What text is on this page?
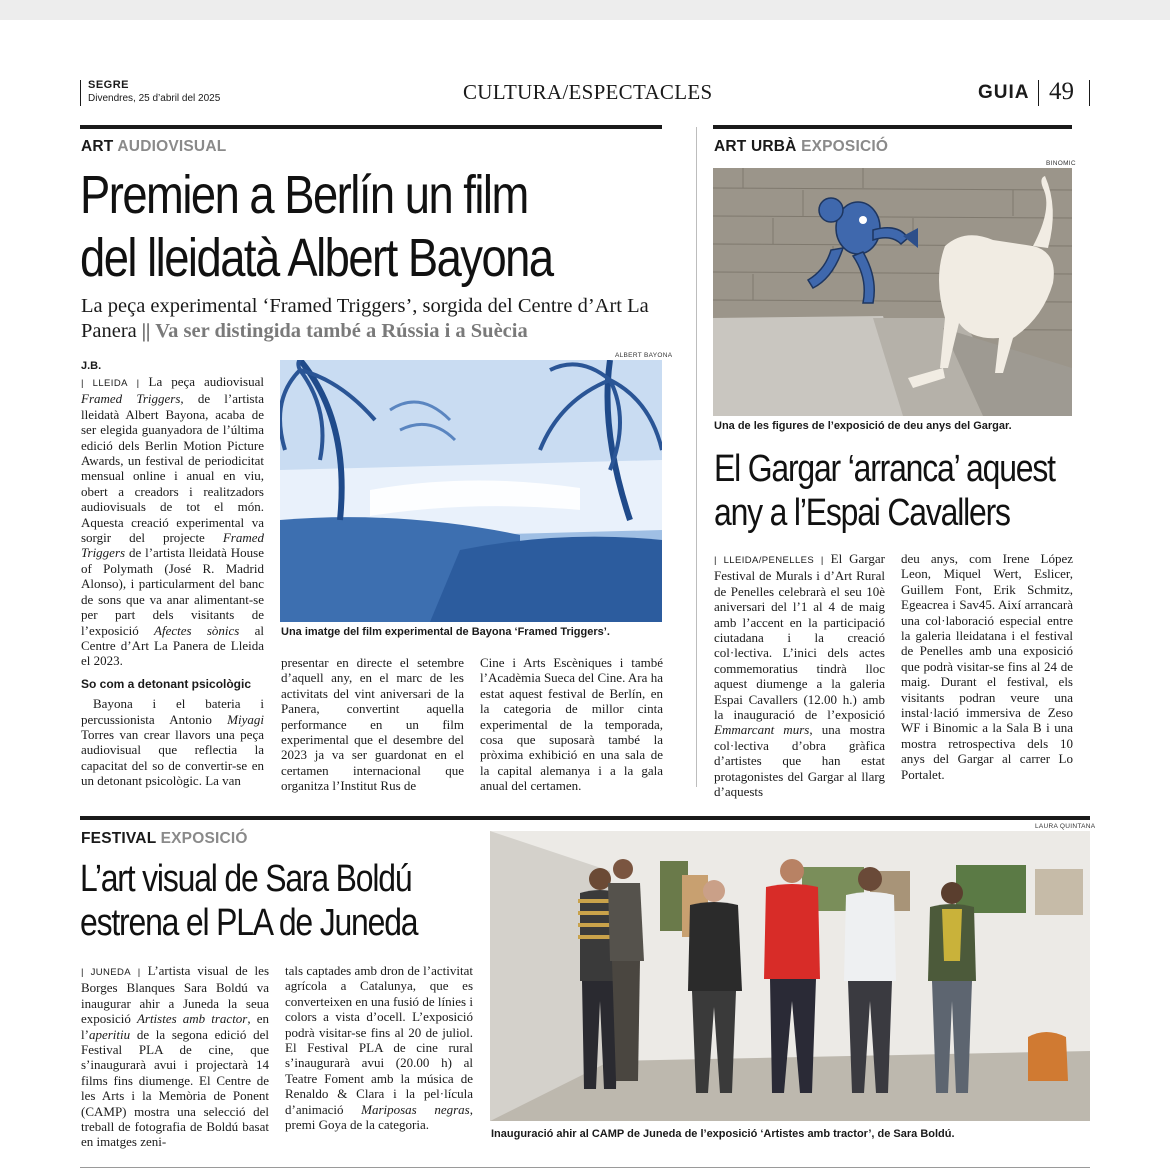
SEGRE
Divendres, 25 d’abril del 2025	CULTURA/ESPECTACLES	GUIA 49
ART AUDIOVISUAL
Premien a Berlín un film
del lleidatà Albert Bayona
La peça experimental ‘Framed Triggers’, sorgida del Centre d’Art La Panera || Va ser distingida també a Rússia i a Suècia
J.B.

| LLEIDA | La peça audiovisual Framed Triggers, de l’artista lleidatà Albert Bayona, acaba de ser elegida guanyadora de l’última edició dels Berlin Motion Picture Awards, un festival de periodicitat mensual online i anual en viu, obert a creadors i realitzadors audiovisuals de tot el món. Aquesta creació experimental va sorgir del projecte Framed Triggers de l’artista lleidatà House of Polymath (José R. Madrid Alonso), i particularment del banc de sons que va anar alimentant-se per part dels visitants de l’exposició Afectes sònics al Centre d’Art La Panera de Lleida el 2023.

So com a detonant psicològic

Bayona i el bateria i percussionista Antonio Miyagi Torres van crear llavors una peça audiovisual que reflectia la capacitat del so de convertir-se en un detonant psicològic. La van

ALBERT BAYONA
Una imatge del film experimental de Bayona ‘Framed Triggers’.

presentar en directe el setembre d’aquell any, en el marc de les activitats del vint aniversari de la Panera, convertint aquella performance en un film experimental que el desembre del 2023 ja va ser guardonat en el certamen internacional que organitza l’Institut Rus de

Cine i Arts Escèniques i també l’Acadèmia Sueca del Cine. Ara ha estat aquest festival de Berlín, en la categoria de millor cinta experimental de la temporada, cosa que suposarà també la pròxima exhibició en una sala de la capital alemanya i a la gala anual del certamen.

ART URBÀ EXPOSICIÓ
BINOMIC
Una de les figures de l’exposició de deu anys del Gargar.
El Gargar ‘arranca’ aquest
any a l’Espai Cavallers

| LLEIDA/PENELLES | El Gargar Festival de Murals i d’Art Rural de Penelles celebrarà el seu 10è aniversari del l’1 al 4 de maig amb l’accent en la participació ciutadana i la creació col·lectiva. L’inici dels actes commemoratius tindrà lloc aquest diumenge a la galeria Espai Cavallers (12.00 h.) amb la inauguració de l’exposició Emmarcant murs, una mostra col·lectiva d’obra gràfica d’artistes que han estat protagonistes del Gargar al llarg d’aquests

deu anys, com Irene López Leon, Miquel Wert, Eslicer, Guillem Font, Erik Schmitz, Egeacrea i Sav45. Així arrancarà una col·laboració especial entre la galeria lleidatana i el festival de Penelles amb una exposició que podrà visitar-se fins al 24 de maig. Durant el festival, els visitants podran veure una instal·lació immersiva de Zeso WF i Binomic a la Sala B i una mostra retrospectiva dels 10 anys del Gargar al carrer Lo Portalet.

FESTIVAL EXPOSICIÓ
L’art visual de Sara Boldú
estrena el PLA de Juneda

| JUNEDA | L’artista visual de les Borges Blanques Sara Boldú va inaugurar ahir a Juneda la seua exposició Artistes amb tractor, en l’aperitiu de la segona edició del Festival PLA de cine, que s’inaugurarà avui i projectarà 14 films fins diumenge. El Centre de les Arts i la Memòria de Ponent (CAMP) mostra una selecció del treball de fotografia de Boldú basat en imatges zeni-

tals captades amb dron de l’activitat agrícola a Catalunya, que es converteixen en una fusió de línies i colors a vista d’ocell. L’exposició podrà visitar-se fins al 20 de juliol. El Festival PLA de cine rural s’inaugurarà avui (20.00 h) al Teatre Foment amb la música de Renaldo & Clara i la pel·lícula d’animació Mariposas negras, premi Goya de la categoria.

LAURA QUINTANA
Inauguració ahir al CAMP de Juneda de l’exposició ‘Artistes amb tractor’, de Sara Boldú.
